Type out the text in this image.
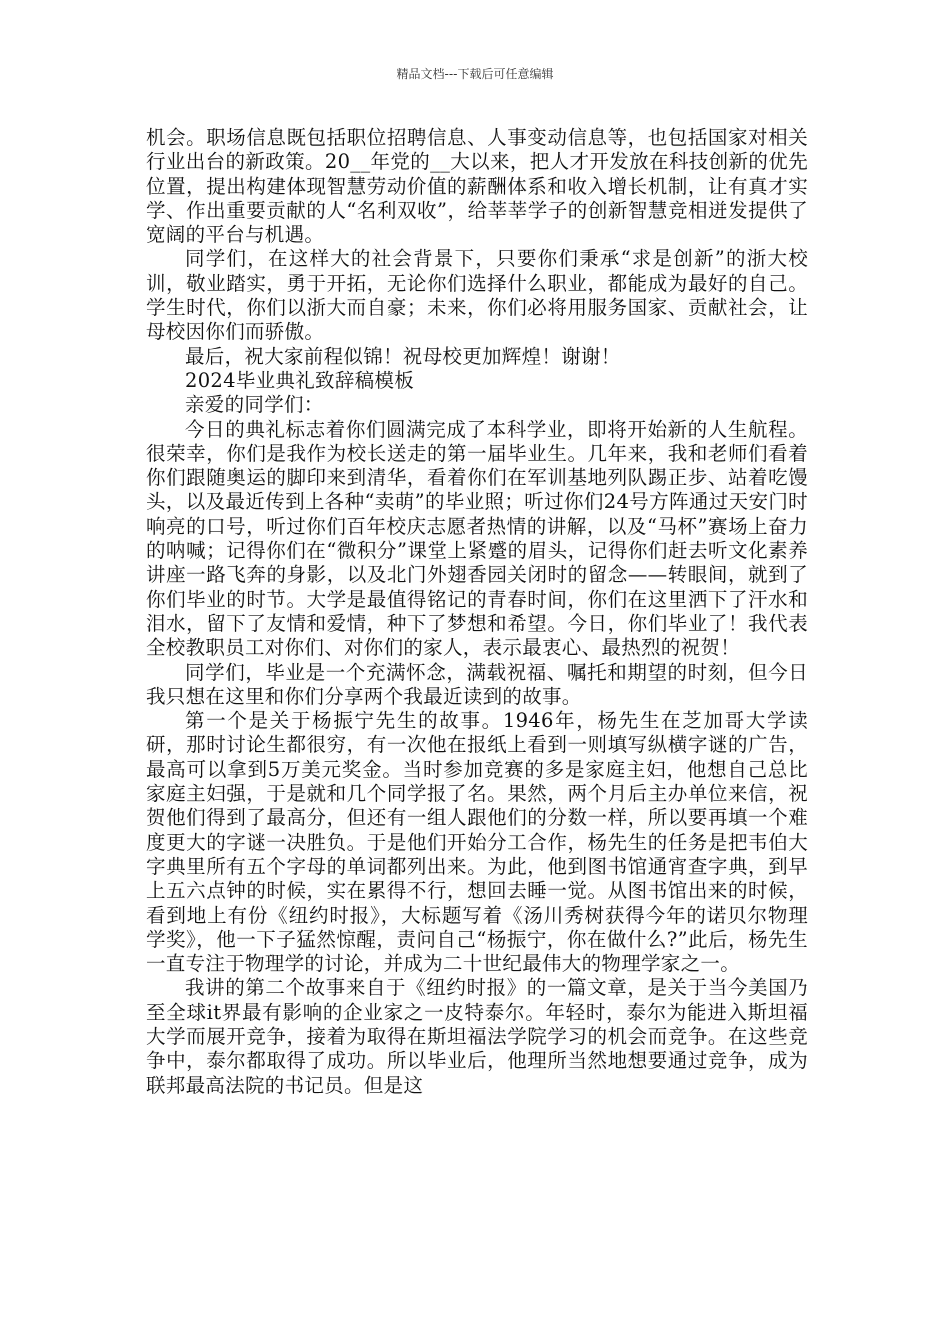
精品文档---下载后可任意编辑

机会。职场信息既包括职位招聘信息、人事变动信息等，也包括国家对相关行业出台的新政策。20__年党的__大以来，把人才开发放在科技创新的优先位置，提出构建体现智慧劳动价值的薪酬体系和收入增长机制，让有真才实学、作出重要贡献的人“名利双收”，给莘莘学子的创新智慧竞相迸发提供了宽阔的平台与机遇。

同学们，在这样大的社会背景下，只要你们秉承“求是创新”的浙大校训，敬业踏实，勇于开拓，无论你们选择什么职业，都能成为最好的自己。学生时代，你们以浙大而自豪；未来，你们必将用服务国家、贡献社会，让母校因你们而骄傲。

最后，祝大家前程似锦！祝母校更加辉煌！谢谢！

2024毕业典礼致辞稿模板

亲爱的同学们：

今日的典礼标志着你们圆满完成了本科学业，即将开始新的人生航程。很荣幸，你们是我作为校长送走的第一届毕业生。几年来，我和老师们看着你们跟随奥运的脚印来到清华，看着你们在军训基地列队踢正步、站着吃馒头，以及最近传到上各种“卖萌”的毕业照；听过你们24号方阵通过天安门时响亮的口号，听过你们百年校庆志愿者热情的讲解，以及“马杯”赛场上奋力的呐喊；记得你们在“微积分”课堂上紧蹙的眉头，记得你们赶去听文化素养讲座一路飞奔的身影，以及北门外翅香园关闭时的留念——转眼间，就到了你们毕业的时节。大学是最值得铭记的青春时间，你们在这里洒下了汗水和泪水，留下了友情和爱情，种下了梦想和希望。今日，你们毕业了！我代表全校教职员工对你们、对你们的家人，表示最衷心、最热烈的祝贺！

同学们，毕业是一个充满怀念，满载祝福、嘱托和期望的时刻，但今日我只想在这里和你们分享两个我最近读到的故事。

第一个是关于杨振宁先生的故事。1946年，杨先生在芝加哥大学读研，那时讨论生都很穷，有一次他在报纸上看到一则填写纵横字谜的广告，最高可以拿到5万美元奖金。当时参加竞赛的多是家庭主妇，他想自己总比家庭主妇强，于是就和几个同学报了名。果然，两个月后主办单位来信，祝贺他们得到了最高分，但还有一组人跟他们的分数一样，所以要再填一个难度更大的字谜一决胜负。于是他们开始分工合作，杨先生的任务是把韦伯大字典里所有五个字母的单词都列出来。为此，他到图书馆通宵查字典，到早上五六点钟的时候，实在累得不行，想回去睡一觉。从图书馆出来的时候，看到地上有份《纽约时报》，大标题写着《汤川秀树获得今年的诺贝尔物理学奖》，他一下子猛然惊醒，责问自己“杨振宁，你在做什么?”此后，杨先生一直专注于物理学的讨论，并成为二十世纪最伟大的物理学家之一。

我讲的第二个故事来自于《纽约时报》的一篇文章，是关于当今美国乃至全球it界最有影响的企业家之一皮特泰尔。年轻时，泰尔为能进入斯坦福大学而展开竞争，接着为取得在斯坦福法学院学习的机会而竞争。在这些竞争中，泰尔都取得了成功。所以毕业后，他理所当然地想要通过竞争，成为联邦最高法院的书记员。但是这
